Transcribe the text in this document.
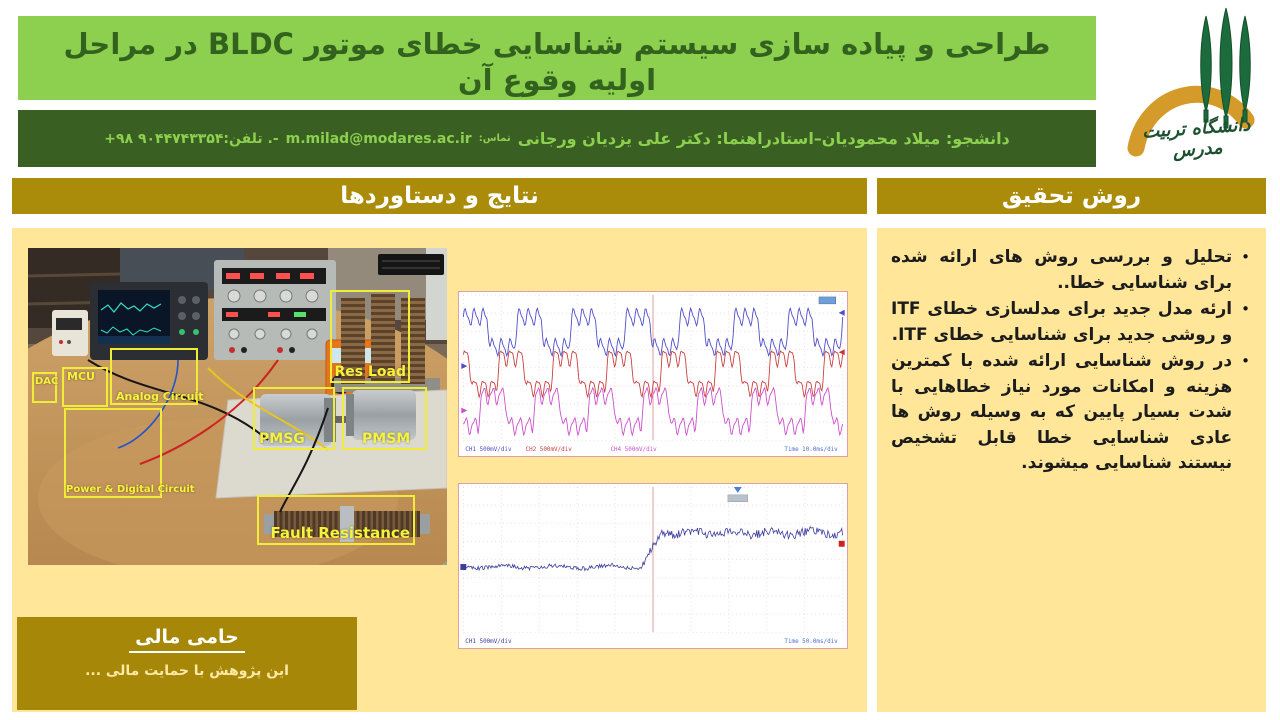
طراحی و پیاده سازی سیستم شناسایی خطای موتور BLDC در مراحل اولیه وقوع آن
دانشجو: میلاد محمودیان–استادراهنما: دکتر علی یزدیان ورجانی
تماس:
m.milad@modares.ac.ir
-. تلفن:۹۰۴۴۷۴۳۳۵۴ ۹۸+	دانشگاه تربیت مدرس
نتایج و دستاوردها	روش تحقیق
DAC MCU
Analog Circuit
Res Load
PMSG	PMSM
Power & Digital Circuit
Fault Resistance
CH1 500mV/div CH2 500mV/div	CH4 500mV/div	Time 10.0ms/div
CH1 500mV/div	Time 50.0ms/div
حامی مالی

این پژوهش با حمایت مالی ...

•

تحلیل و بررسی روش های ارائه شده برای شناسایی خطا..

•

ارئه مدل جدید برای مدلسازی خطای ITF و روشی جدید برای شناسایی خطای ITF.

•

در روش شناسایی ارائه شده با کمترین هزینه و امکانات مورد نیاز خطاهایی با شدت بسیار پایین که به وسیله روش ها عادی شناسایی خطا قابل تشخیص نیستند شناسایی میشوند.
